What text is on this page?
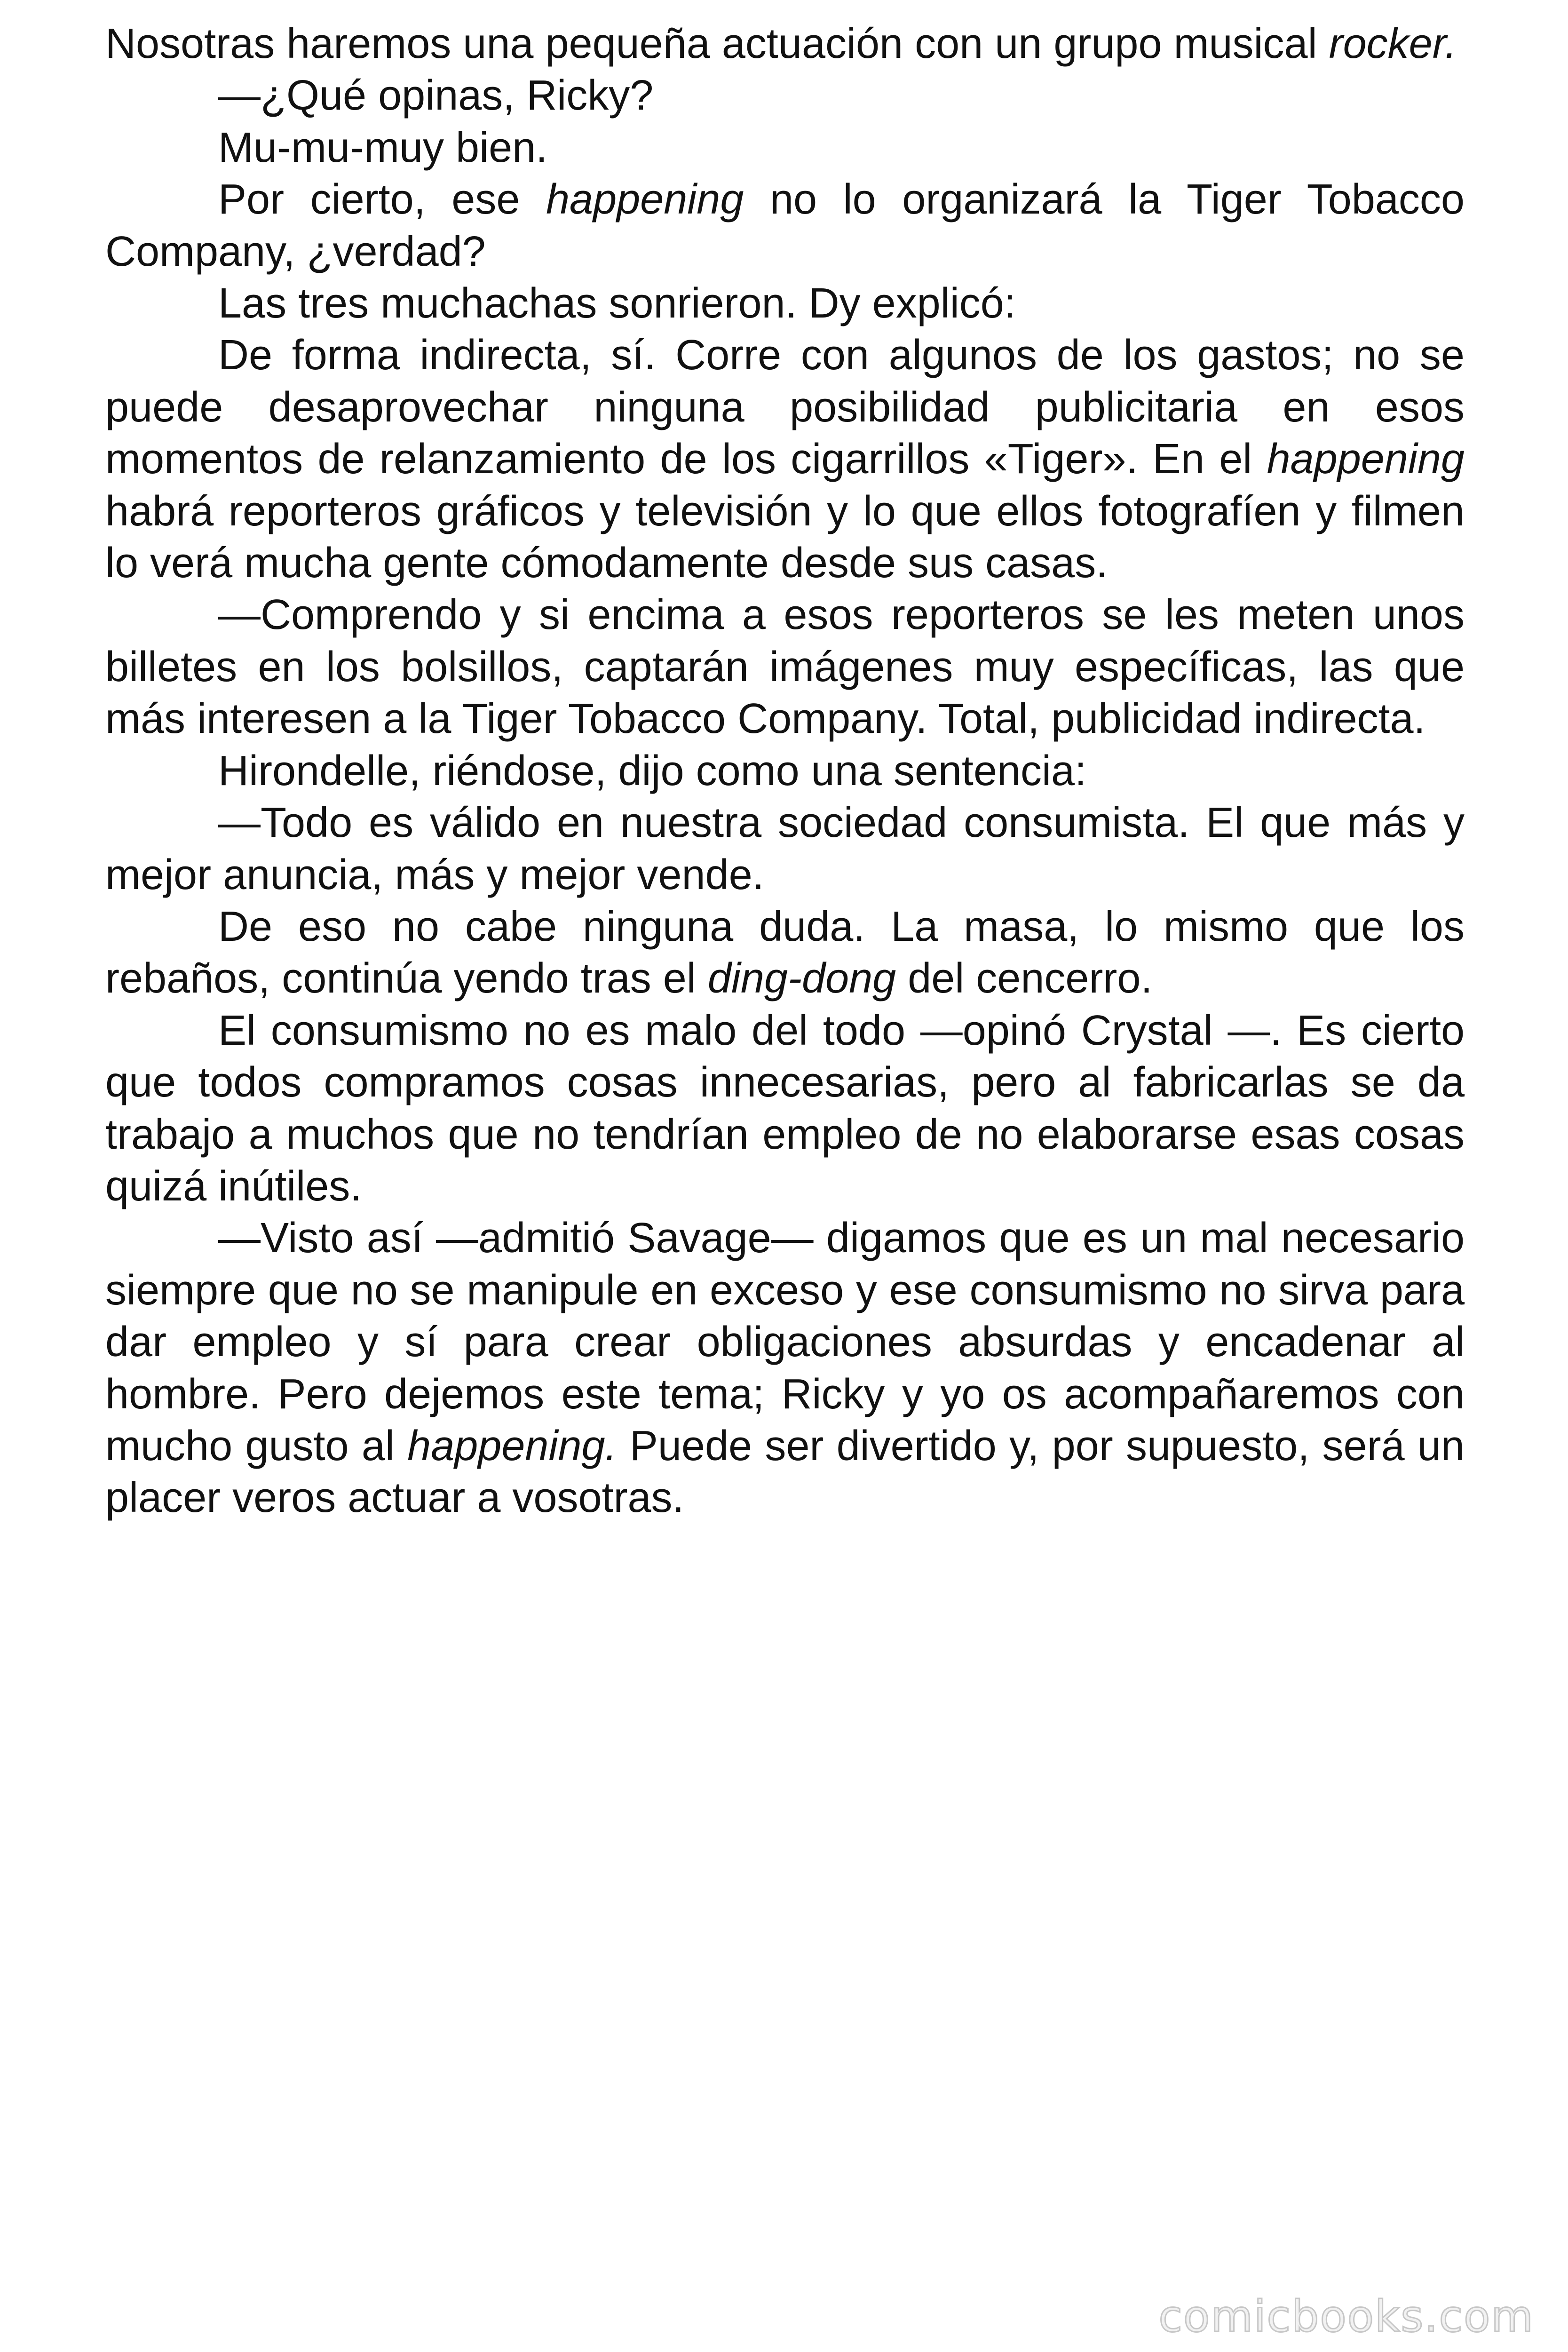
Nosotras haremos una pequeña actuación con un grupo musical rocker.

—¿Qué opinas, Ricky?

Mu-mu-muy bien.

Por cierto, ese happening no lo organizará la Tiger Tobacco Company, ¿verdad?

Las tres muchachas sonrieron. Dy explicó:

De forma indirecta, sí. Corre con algunos de los gastos; no se puede desaprovechar ninguna posibilidad publicitaria en esos momentos de relanzamiento de los cigarrillos «Tiger». En el happening habrá reporteros gráficos y televisión y lo que ellos fotografíen y filmen lo verá mucha gente cómodamente desde sus casas.

—Comprendo y si encima a esos reporteros se les meten unos billetes en los bolsillos, captarán imágenes muy específicas, las que más interesen a la Tiger Tobacco Company. Total, publicidad indirecta.

Hirondelle, riéndose, dijo como una sentencia:

—Todo es válido en nuestra sociedad consumista. El que más y mejor anuncia, más y mejor vende.

De eso no cabe ninguna duda. La masa, lo mismo que los rebaños, continúa yendo tras el ding-dong del cencerro.

El consumismo no es malo del todo —opinó Crystal —. Es cierto que todos compramos cosas innecesarias, pero al fabricarlas se da trabajo a muchos que no tendrían empleo de no elaborarse esas cosas quizá inútiles.

—Visto así —admitió Savage— digamos que es un mal necesario siempre que no se manipule en exceso y ese consumismo no sirva para dar empleo y sí para crear obligaciones absurdas y encadenar al hombre. Pero dejemos este tema; Ricky y yo os acompañaremos con mucho gusto al happening. Puede ser divertido y, por supuesto, será un placer veros actuar a vosotras.

comicbooks.com
